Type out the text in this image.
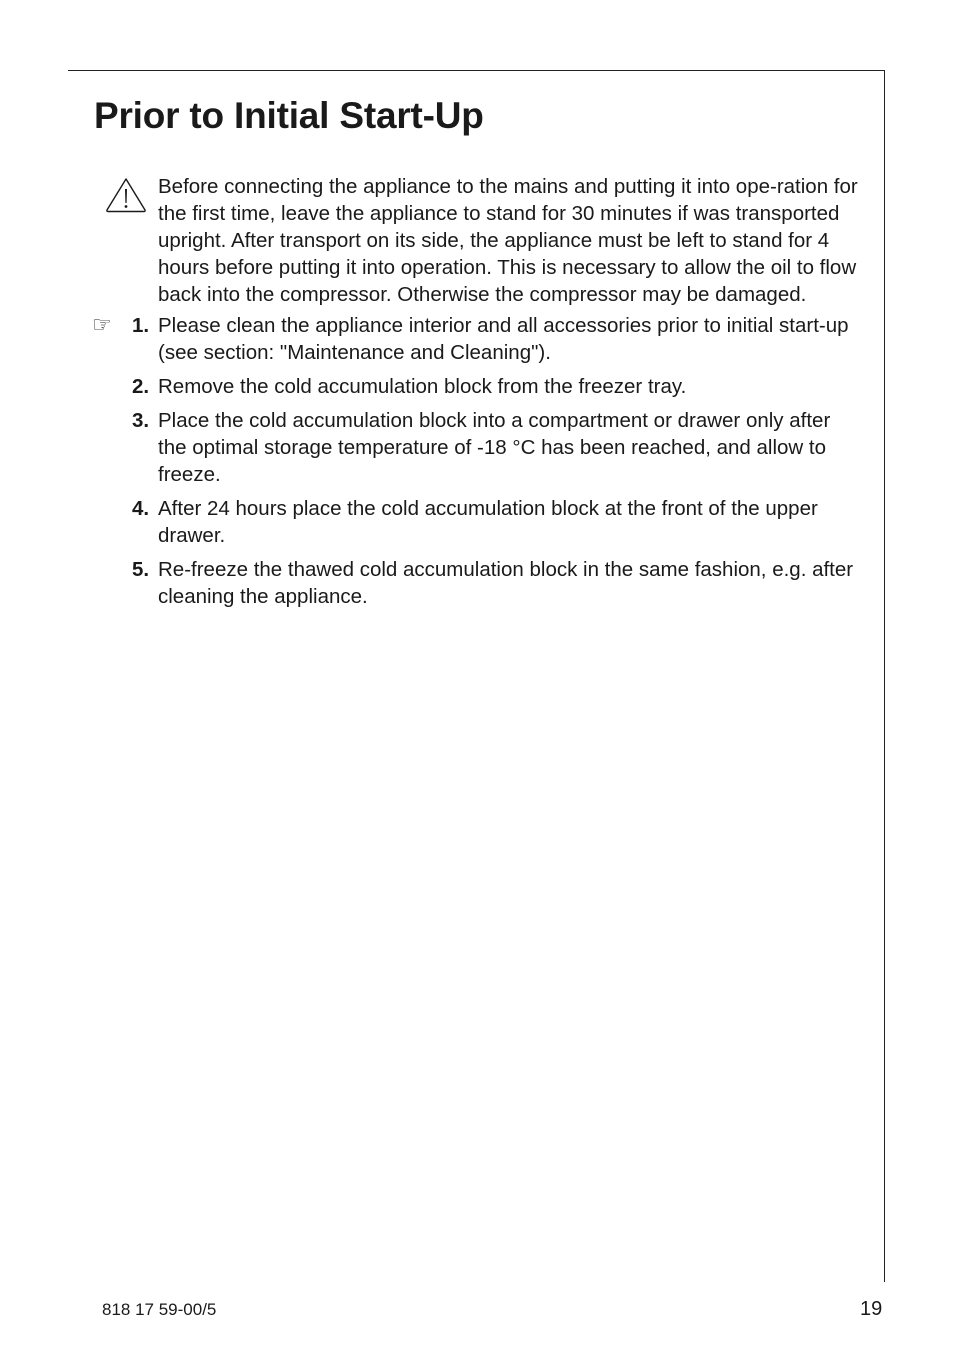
Prior to Initial Start-Up
Before connecting the appliance to the mains and putting it into ope-ration for the first time, leave the appliance to stand for 30 minutes if was transported upright. After transport on its side, the appliance must be left to stand for 4 hours before putting it into operation. This is necessary to allow the oil to flow back into the compressor. Otherwise the compressor may be damaged.
☞ 1. Please clean the appliance interior and all accessories prior to initial start-up (see section: "Maintenance and Cleaning").
2. Remove the cold accumulation block from the freezer tray.
3. Place the cold accumulation block into a compartment or drawer only after the optimal storage temperature of -18 °C has been reached, and allow to freeze.
4. After 24 hours place the cold accumulation block at the front of the upper drawer.
5. Re-freeze the thawed cold accumulation block in the same fashion, e.g. after cleaning the appliance.
818 17 59-00/5	19
